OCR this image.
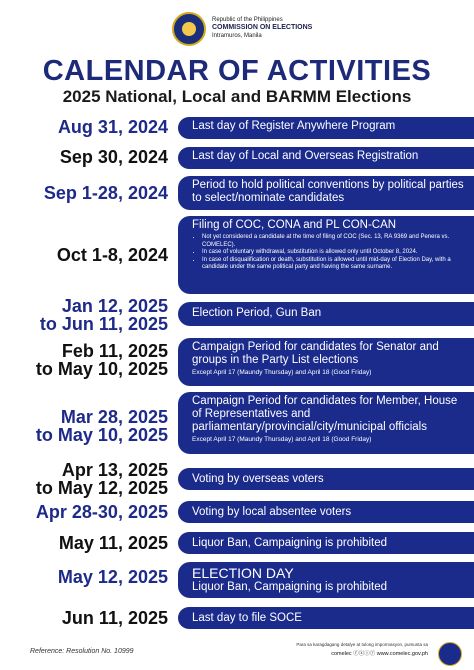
Republic of the Philippines
COMMISSION ON ELECTIONS
Intramuros, Manila
CALENDAR OF ACTIVITIES
2025 National, Local and BARMM Elections
Aug 31, 2024 Last day of Register Anywhere Program
Sep 30, 2024 Last day of Local and Overseas Registration
Sep 1-28, 2024 Period to hold political conventions by political parties to select/nominate candidates
Oct 1-8, 2024
Filing of COC, CONA and PL CON-CAN
• Not yet considered a candidate at the time of filing of COC (Sec. 13, RA 9369 and Penera vs. COMELEC).
• In case of voluntary withdrawal, substitution is allowed only until October 8, 2024.
• In case of disqualification or death, substitution is allowed until mid-day of Election Day, with a candidate under the same political party and having the same surname.
Jan 12, 2025
to Jun 11, 2025
Election Period, Gun Ban
Feb 11, 2025
to May 10, 2025
Campaign Period for candidates for Senator and groups in the Party List elections
Except April 17 (Maundy Thursday) and April 18 (Good Friday)
Mar 28, 2025
to May 10, 2025
Campaign Period for candidates for Member, House of Representatives and parliamentary/provincial/city/municipal officials
Except April 17 (Maundy Thursday) and April 18 (Good Friday)
Apr 13, 2025
to May 12, 2025 Voting by overseas voters
Apr 28-30, 2025 Voting by local absentee voters
May 11, 2025 Liquor Ban, Campaigning is prohibited
May 12, 2025 ELECTION DAY
Liquor Ban, Campaigning is prohibited
Jun 11, 2025 Last day to file SOCE
Reference: Resolution No. 10999
Para sa karagdagang detalye at tulong impormasyon, pumunta sa
comelec ⓕⓧⓘⓨ www.comelec.gov.ph
